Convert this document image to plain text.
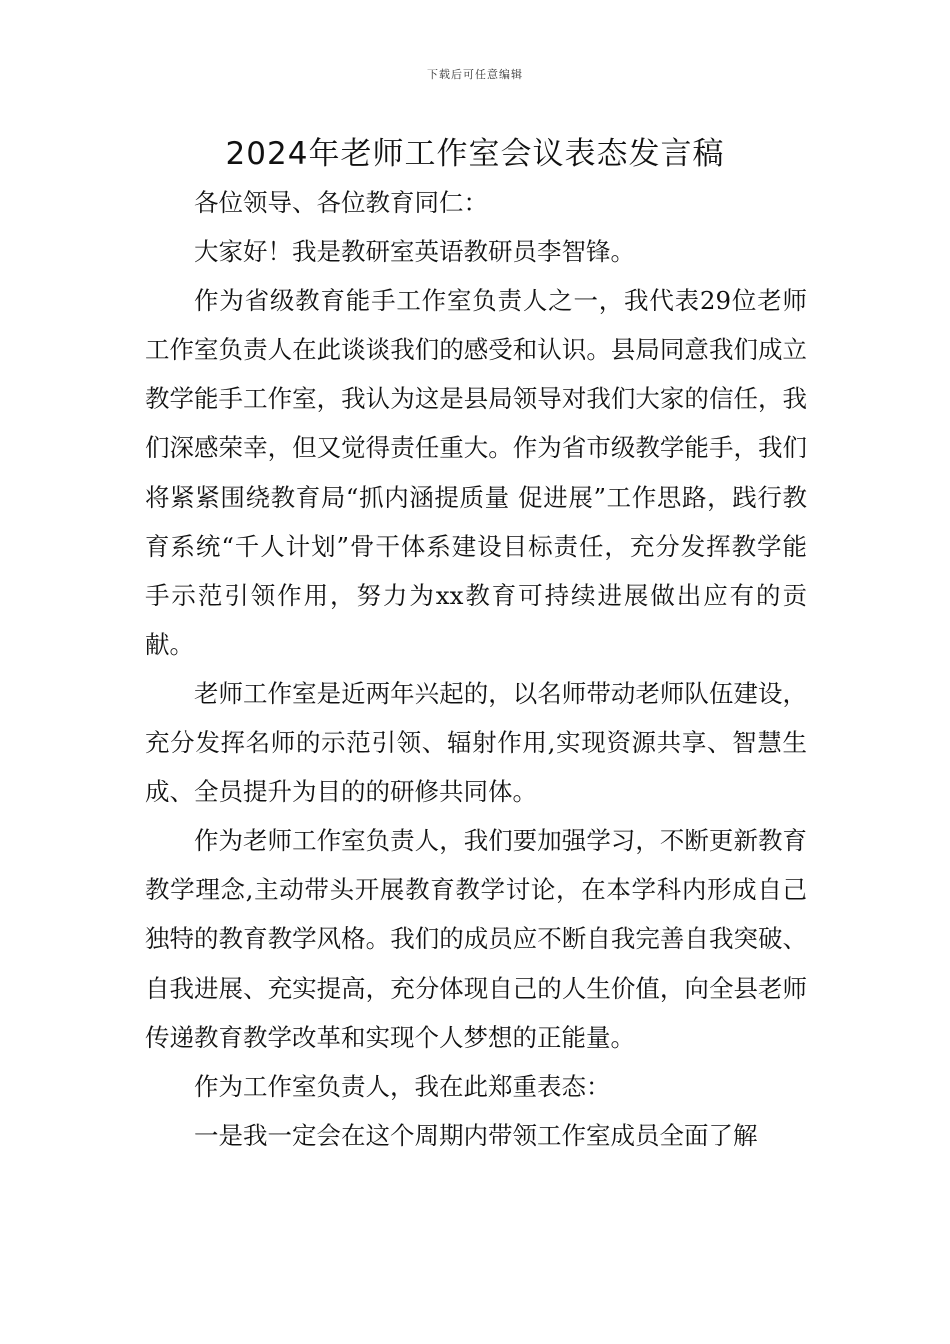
下载后可任意编辑
2024年老师工作室会议表态发言稿

各位领导、各位教育同仁：

大家好！我是教研室英语教研员李智锋。

作为省级教育能手工作室负责人之一，我代表29位老师工作室负责人在此谈谈我们的感受和认识。县局同意我们成立教学能手工作室，我认为这是县局领导对我们大家的信任，我们深感荣幸，但又觉得责任重大。作为省市级教学能手，我们将紧紧围绕教育局“抓内涵提质量 促进展”工作思路，践行教育系统“千人计划”骨干体系建设目标责任，充分发挥教学能手示范引领作用，努力为xx教育可持续进展做出应有的贡献。

老师工作室是近两年兴起的，以名师带动老师队伍建设，充分发挥名师的示范引领、辐射作用,实现资源共享、智慧生成、全员提升为目的的研修共同体。

作为老师工作室负责人，我们要加强学习，不断更新教育教学理念,主动带头开展教育教学讨论，在本学科内形成自己独特的教育教学风格。我们的成员应不断自我完善自我突破、自我进展、充实提高，充分体现自己的人生价值，向全县老师传递教育教学改革和实现个人梦想的正能量。

作为工作室负责人，我在此郑重表态：

一是我一定会在这个周期内带领工作室成员全面了解
